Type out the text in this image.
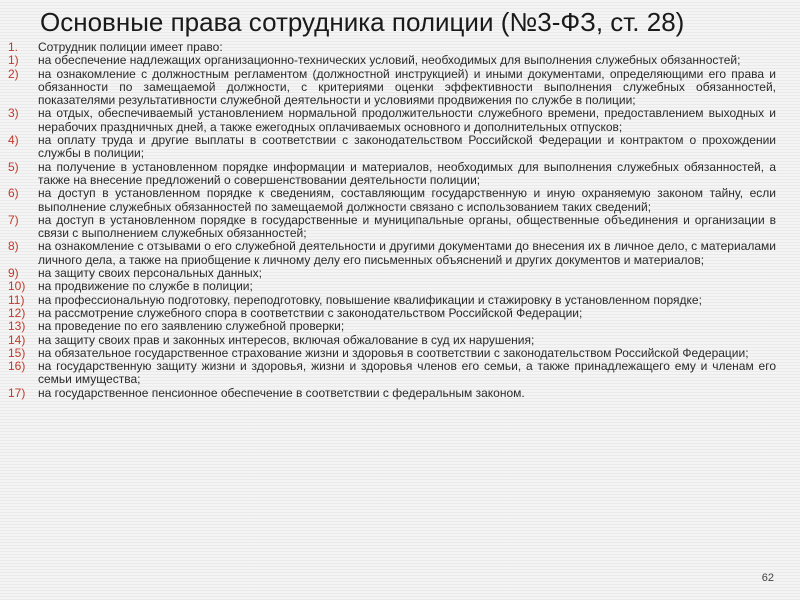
Основные права сотрудника полиции (№3-ФЗ, ст. 28)
1.	Сотрудник полиции имеет право:
1)	на обеспечение надлежащих организационно-технических условий, необходимых для выполнения служебных обязанностей;
2)	на ознакомление с должностным регламентом (должностной инструкцией) и иными документами, определяющими его права и обязанности по замещаемой должности, с критериями оценки эффективности выполнения служебных обязанностей, показателями результативности служебной деятельности и условиями продвижения по службе в полиции;
3)	на отдых, обеспечиваемый установлением нормальной продолжительности служебного времени, предоставлением выходных и нерабочих праздничных дней, а также ежегодных оплачиваемых основного и дополнительных отпусков;
4)	на оплату труда и другие выплаты в соответствии с законодательством Российской Федерации и контрактом о прохождении службы в полиции;
5)	на получение в установленном порядке информации и материалов, необходимых для выполнения служебных обязанностей, а также на внесение предложений о совершенствовании деятельности полиции;
6)	на доступ в установленном порядке к сведениям, составляющим государственную и иную охраняемую законом тайну, если выполнение служебных обязанностей по замещаемой должности связано с использованием таких сведений;
7)	на доступ в установленном порядке в государственные и муниципальные органы, общественные объединения и организации в связи с выполнением служебных обязанностей;
8)	на ознакомление с отзывами о его служебной деятельности и другими документами до внесения их в личное дело, с материалами личного дела, а также на приобщение к личному делу его письменных объяснений и других документов и материалов;
9)	на защиту своих персональных данных;
10)	на продвижение по службе в полиции;
11)	на профессиональную подготовку, переподготовку, повышение квалификации и стажировку в установленном порядке;
12)	на рассмотрение служебного спора в соответствии с законодательством Российской Федерации;
13)	на проведение по его заявлению служебной проверки;
14)	на защиту своих прав и законных интересов, включая обжалование в суд их нарушения;
15)	на обязательное государственное страхование жизни и здоровья в соответствии с законодательством Российской Федерации;
16)	на государственную защиту жизни и здоровья, жизни и здоровья членов его семьи, а также принадлежащего ему и членам его семьи имущества;
17)	на государственное пенсионное обеспечение в соответствии с федеральным законом.
62
